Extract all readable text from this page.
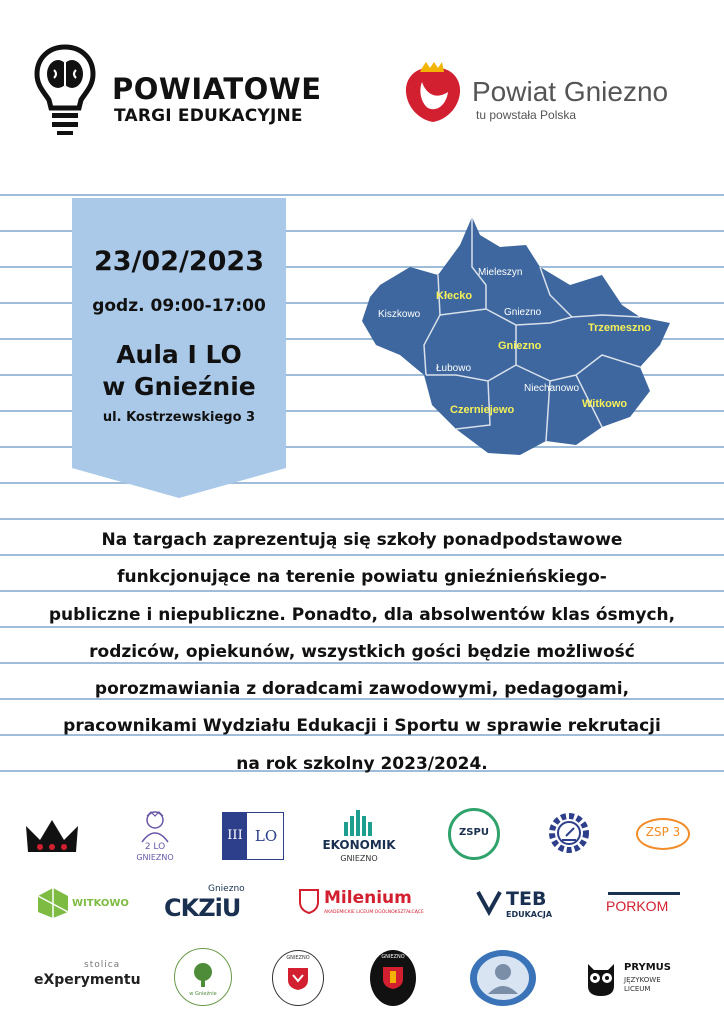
POWIATOWE
TARGI EDUKACYJNE
Powiat Gniezno
tu powstała Polska
23/02/2023
godz. 09:00-17:00
Aula I LO
w Gnieźnie
ul. Kostrzewskiego 3
Kiszkowo
Kłecko
Mieleszyn
Gniezno
Gniezno
Łubowo
Trzemeszno
Niechanowo
Czerniejewo	Witkowo
Na targach zaprezentują się szkoły ponadpodstawowe
funkcjonujące na terenie powiatu gnieźnieńskiego-
publiczne i niepubliczne. Ponadto, dla absolwentów klas ósmych,
rodziców, opiekunów, wszystkich gości będzie możliwość
porozmawiania z doradcami zawodowymi, pedagogami,
pracownikami Wydziału Edukacji i Sportu w sprawie rekrutacji
na rok szkolny 2023/2024.
2 LO
GNIEZNO
III LO	EKONOMIK
GNIEZNO
ZSPU	ZSP 3
WITKOWO
Gniezno
CKZiU	Milenium
AKADEMICKIE LICEUM OGÓLNOKSZTAŁCĄCE
TEB
EDUKACJA
PORKOM
stolica
eXperymentu
w Gnieźnie
GNIEZNO	GNIEZNO
PRYMUS
JĘZYKOWE
LICEUM
